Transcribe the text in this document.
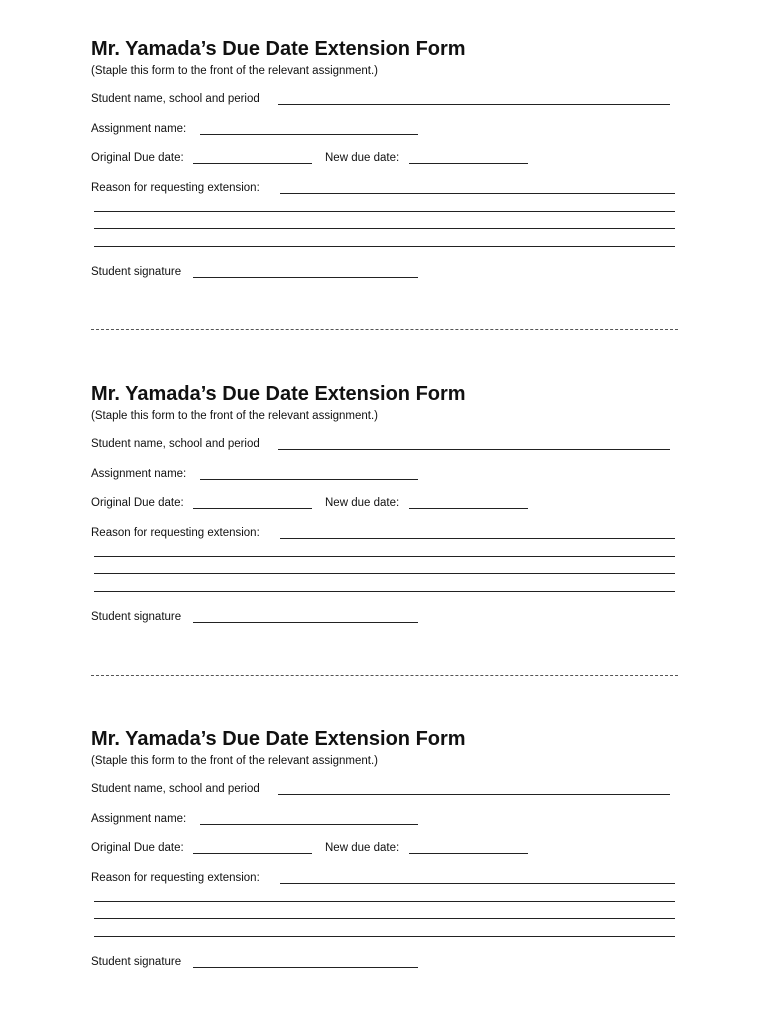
Mr. Yamada’s Due Date Extension Form
(Staple this form to the front of the relevant assignment.)
Student name, school and period
Assignment name:
Original Due date:	New due date:
Reason for requesting extension:
Student signature
Mr. Yamada’s Due Date Extension Form
(Staple this form to the front of the relevant assignment.)
Student name, school and period
Assignment name:
Original Due date:	New due date:
Reason for requesting extension:
Student signature
Mr. Yamada’s Due Date Extension Form
(Staple this form to the front of the relevant assignment.)
Student name, school and period
Assignment name:
Original Due date:	New due date:
Reason for requesting extension:
Student signature
